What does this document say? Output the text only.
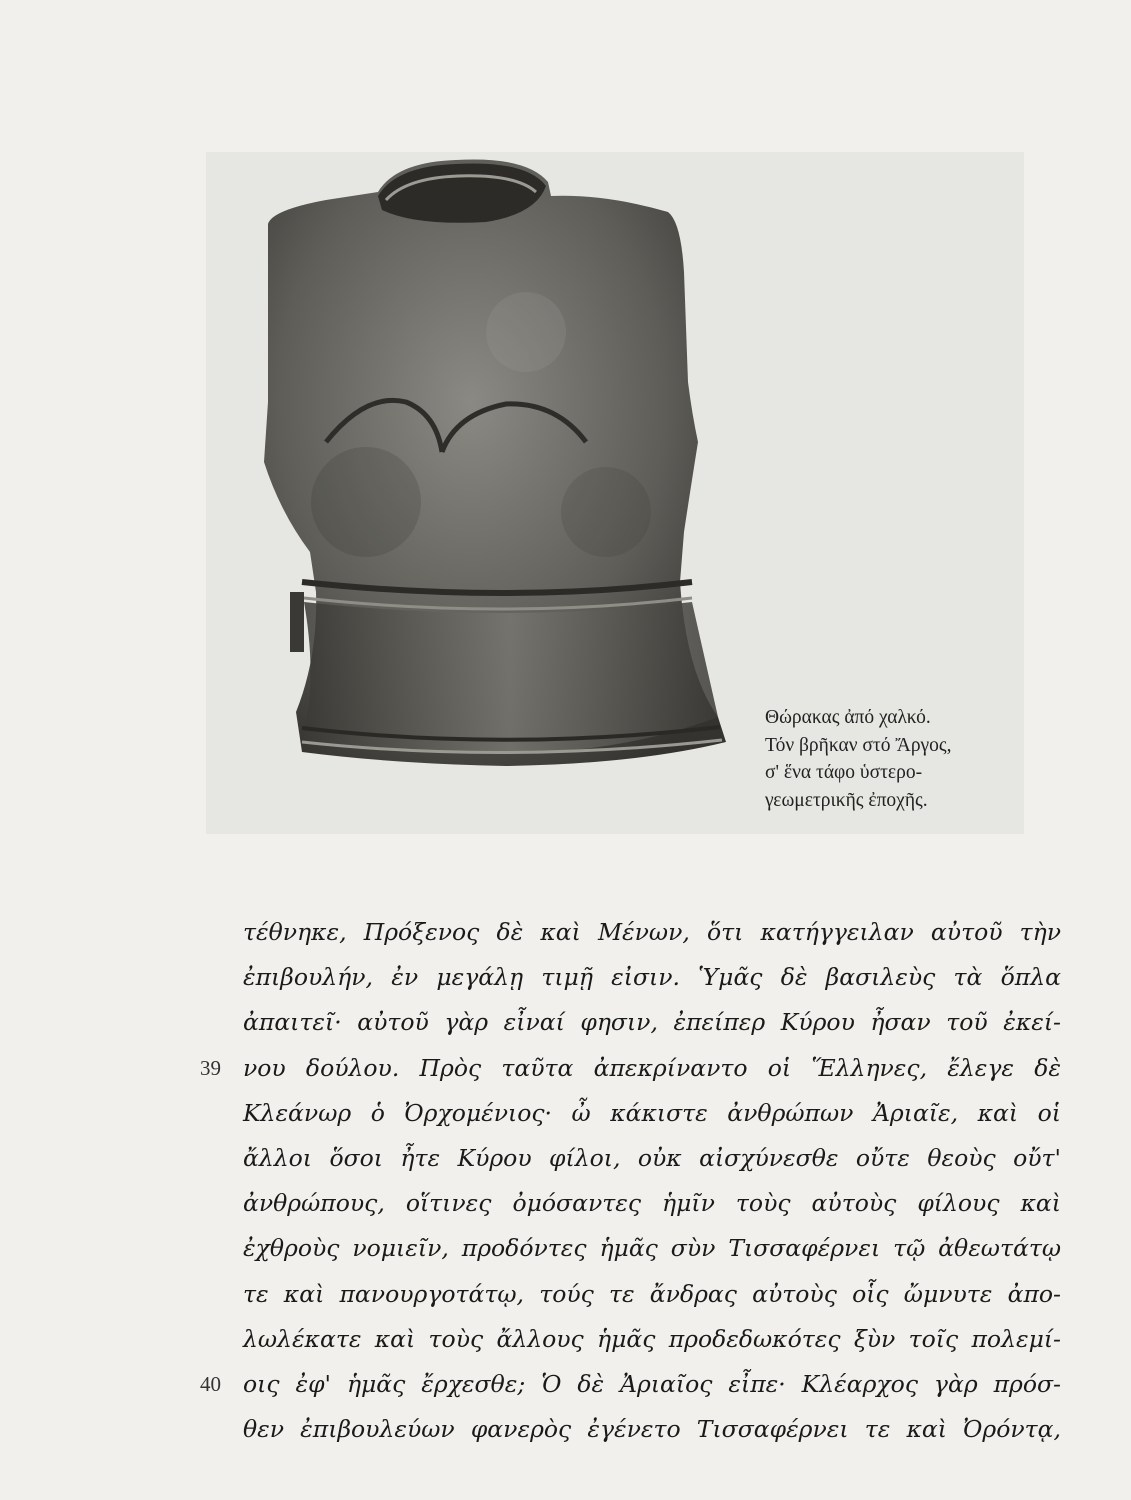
Θώρακας ἀπό χαλκό.
Τόν βρῆκαν στό Ἄργος,
σ' ἕνα τάφο ὑστερο-
γεωμετρικῆς ἐποχῆς.
τέθνηκε, Πρόξενος δὲ καὶ Μένων, ὅτι κατήγγειλαν αὐτοῦ τὴν
ἐπιβουλήν, ἐν μεγάλῃ τιμῇ εἰσιν. Ὑμᾶς δὲ βασιλεὺς τὰ ὅπλα
ἀπαιτεῖ· αὐτοῦ γὰρ εἶναί φησιν, ἐπείπερ Κύρου ἦσαν τοῦ ἐκεί-
39 νου δούλου. Πρὸς ταῦτα ἀπεκρίναντο οἱ Ἕλληνες, ἔλεγε δὲ
Κλεάνωρ ὁ Ὀρχομένιος· ὦ κάκιστε ἀνθρώπων Ἀριαῖε, καὶ οἱ
ἄλλοι ὅσοι ἦτε Κύρου φίλοι, οὐκ αἰσχύνεσθε οὔτε θεοὺς οὔτ'
ἀνθρώπους, οἵτινες ὀμόσαντες ἡμῖν τοὺς αὐτοὺς φίλους καὶ
ἐχθροὺς νομιεῖν, προδόντες ἡμᾶς σὺν Τισσαφέρνει τῷ ἀθεωτάτῳ
τε καὶ πανουργοτάτῳ, τούς τε ἄνδρας αὐτοὺς οἷς ὤμνυτε ἀπο-
λωλέκατε καὶ τοὺς ἄλλους ἡμᾶς προδεδωκότες ξὺν τοῖς πολεμί-
40 οις ἐφ' ἡμᾶς ἔρχεσθε; Ὁ δὲ Ἀριαῖος εἶπε· Κλέαρχος γὰρ πρόσ-
θεν ἐπιβουλεύων φανερὸς ἐγένετο Τισσαφέρνει τε καὶ Ὀρόντᾳ,
